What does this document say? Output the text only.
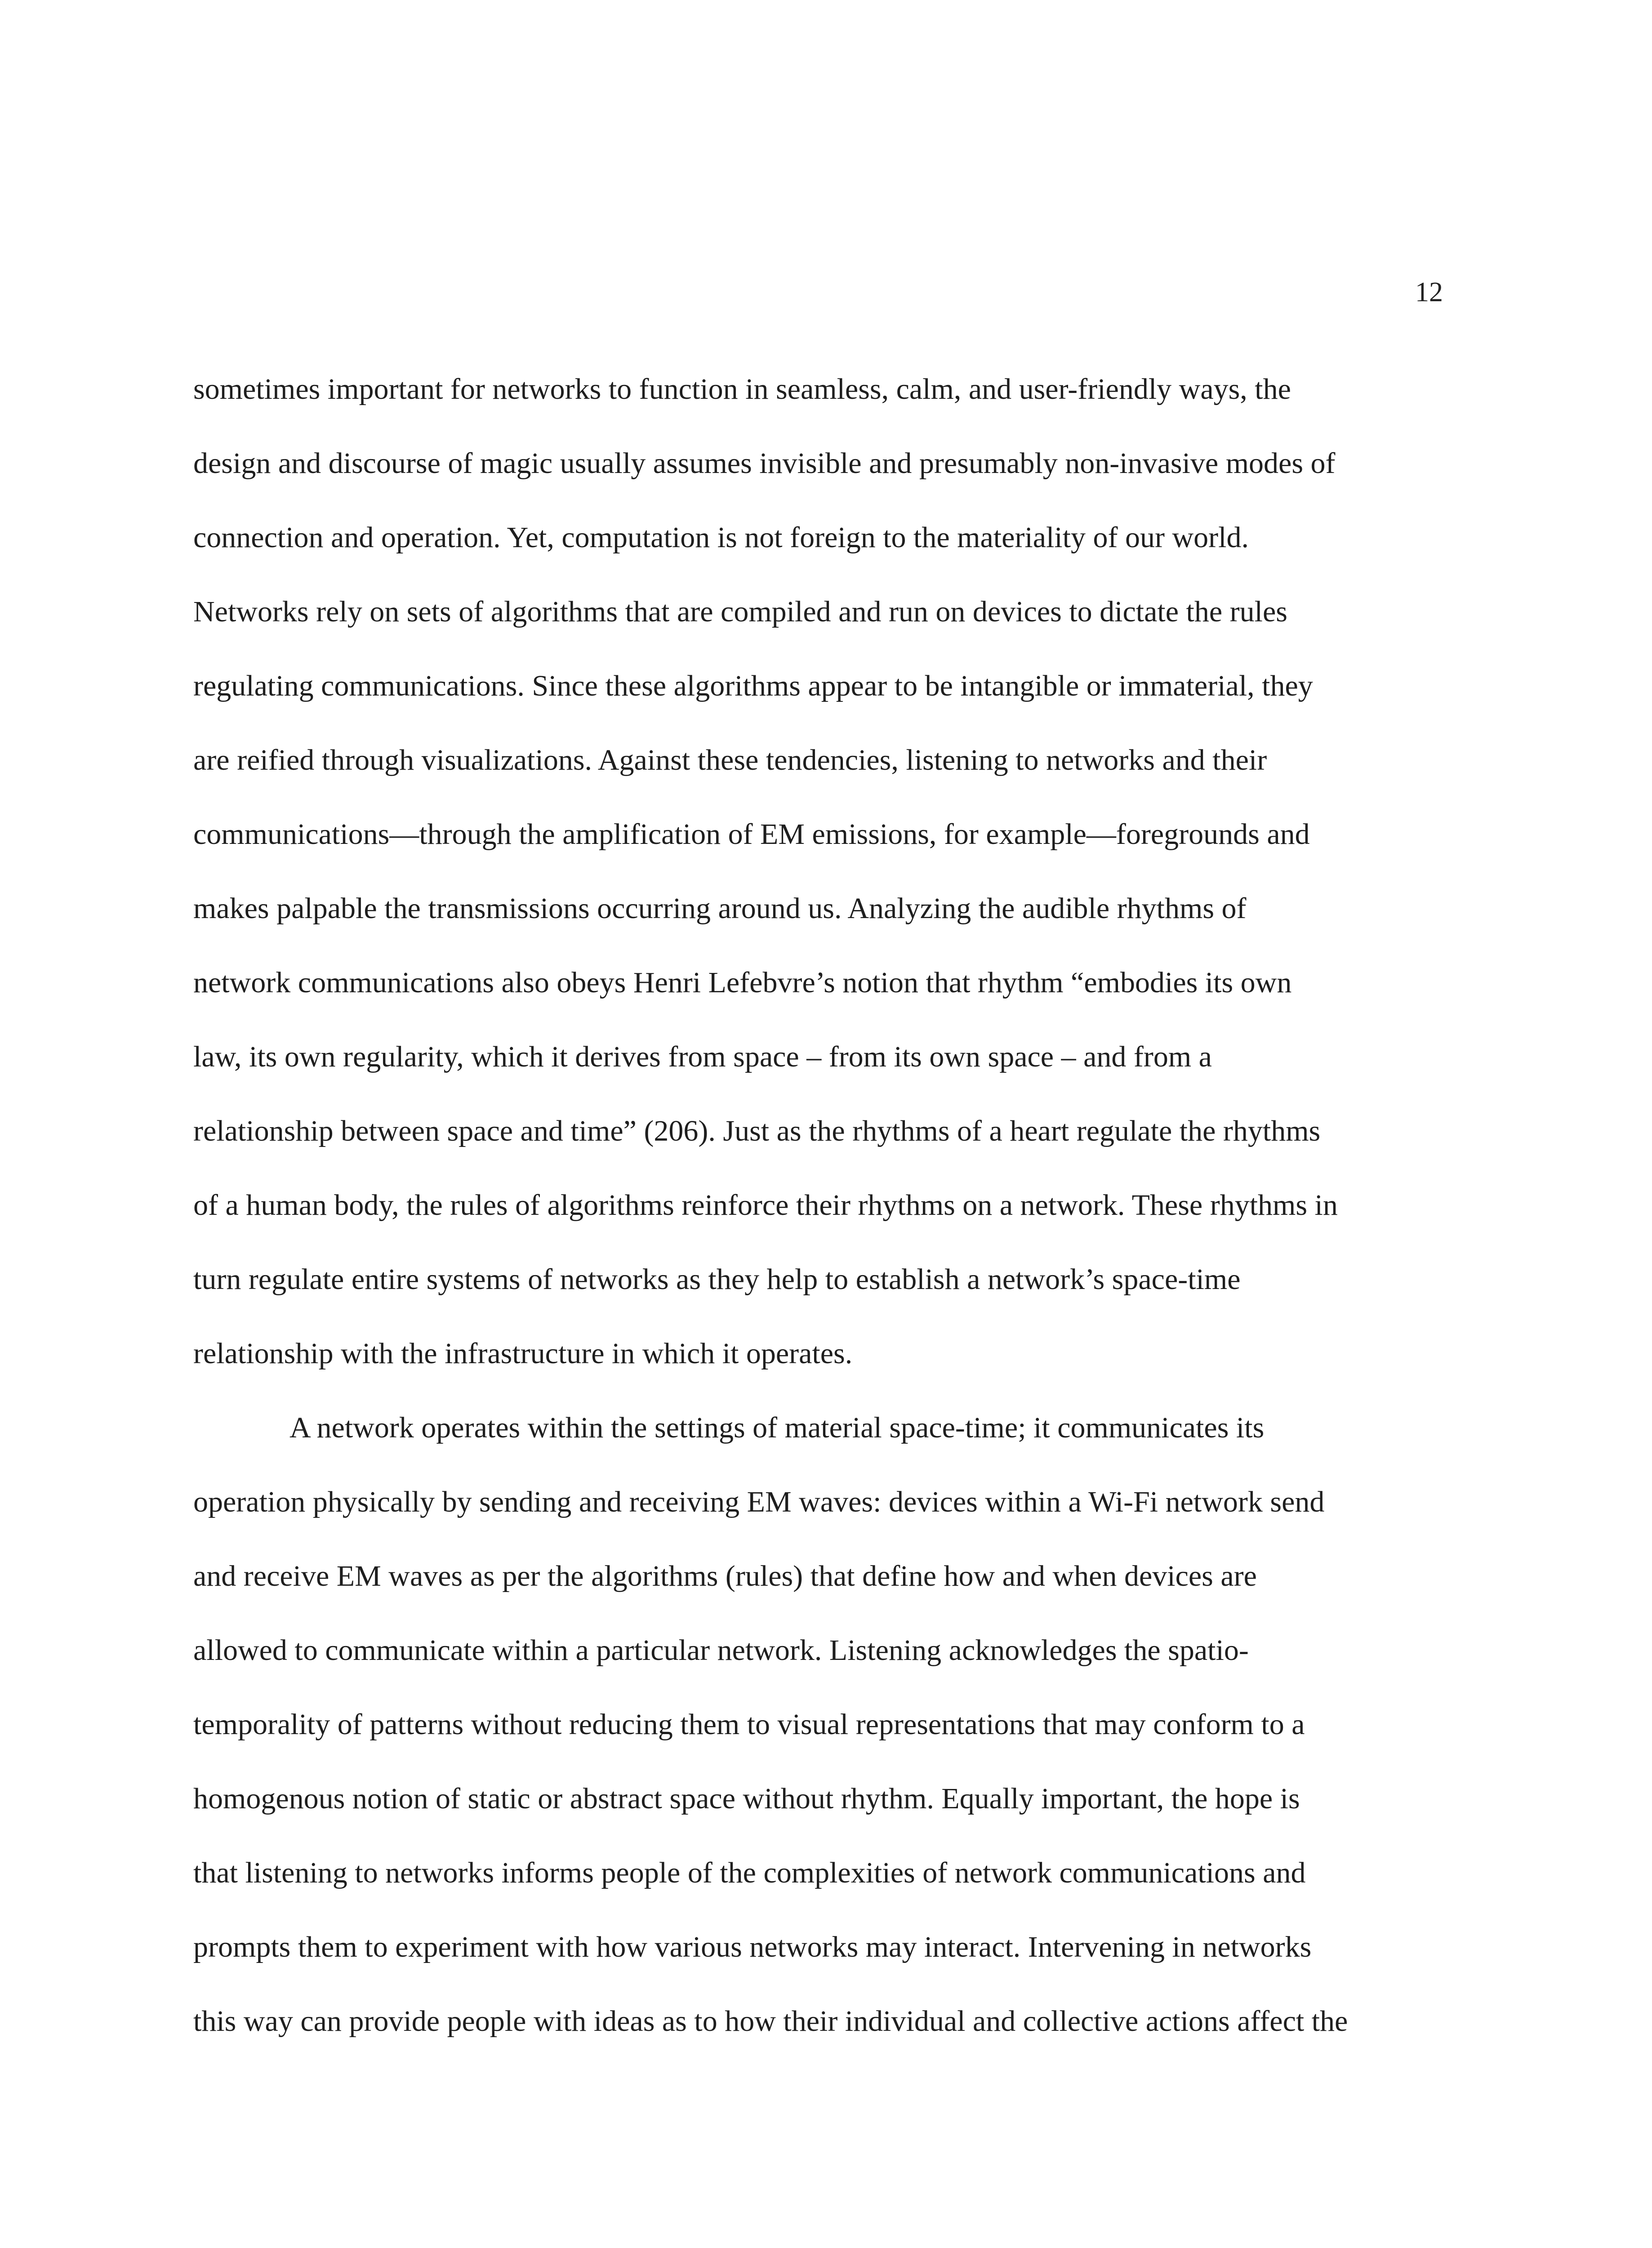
12
sometimes important for networks to function in seamless, calm, and user-friendly ways, the
design and discourse of magic usually assumes invisible and presumably non-invasive modes of
connection and operation. Yet, computation is not foreign to the materiality of our world.
Networks rely on sets of algorithms that are compiled and run on devices to dictate the rules
regulating communications. Since these algorithms appear to be intangible or immaterial, they
are reified through visualizations. Against these tendencies, listening to networks and their
communications—through the amplification of EM emissions, for example—foregrounds and
makes palpable the transmissions occurring around us. Analyzing the audible rhythms of
network communications also obeys Henri Lefebvre’s notion that rhythm “embodies its own
law, its own regularity, which it derives from space – from its own space – and from a
relationship between space and time” (206). Just as the rhythms of a heart regulate the rhythms
of a human body, the rules of algorithms reinforce their rhythms on a network. These rhythms in
turn regulate entire systems of networks as they help to establish a network’s space-time
relationship with the infrastructure in which it operates.
A network operates within the settings of material space-time; it communicates its
operation physically by sending and receiving EM waves: devices within a Wi-Fi network send
and receive EM waves as per the algorithms (rules) that define how and when devices are
allowed to communicate within a particular network. Listening acknowledges the spatio-
temporality of patterns without reducing them to visual representations that may conform to a
homogenous notion of static or abstract space without rhythm. Equally important, the hope is
that listening to networks informs people of the complexities of network communications and
prompts them to experiment with how various networks may interact. Intervening in networks
this way can provide people with ideas as to how their individual and collective actions affect the
